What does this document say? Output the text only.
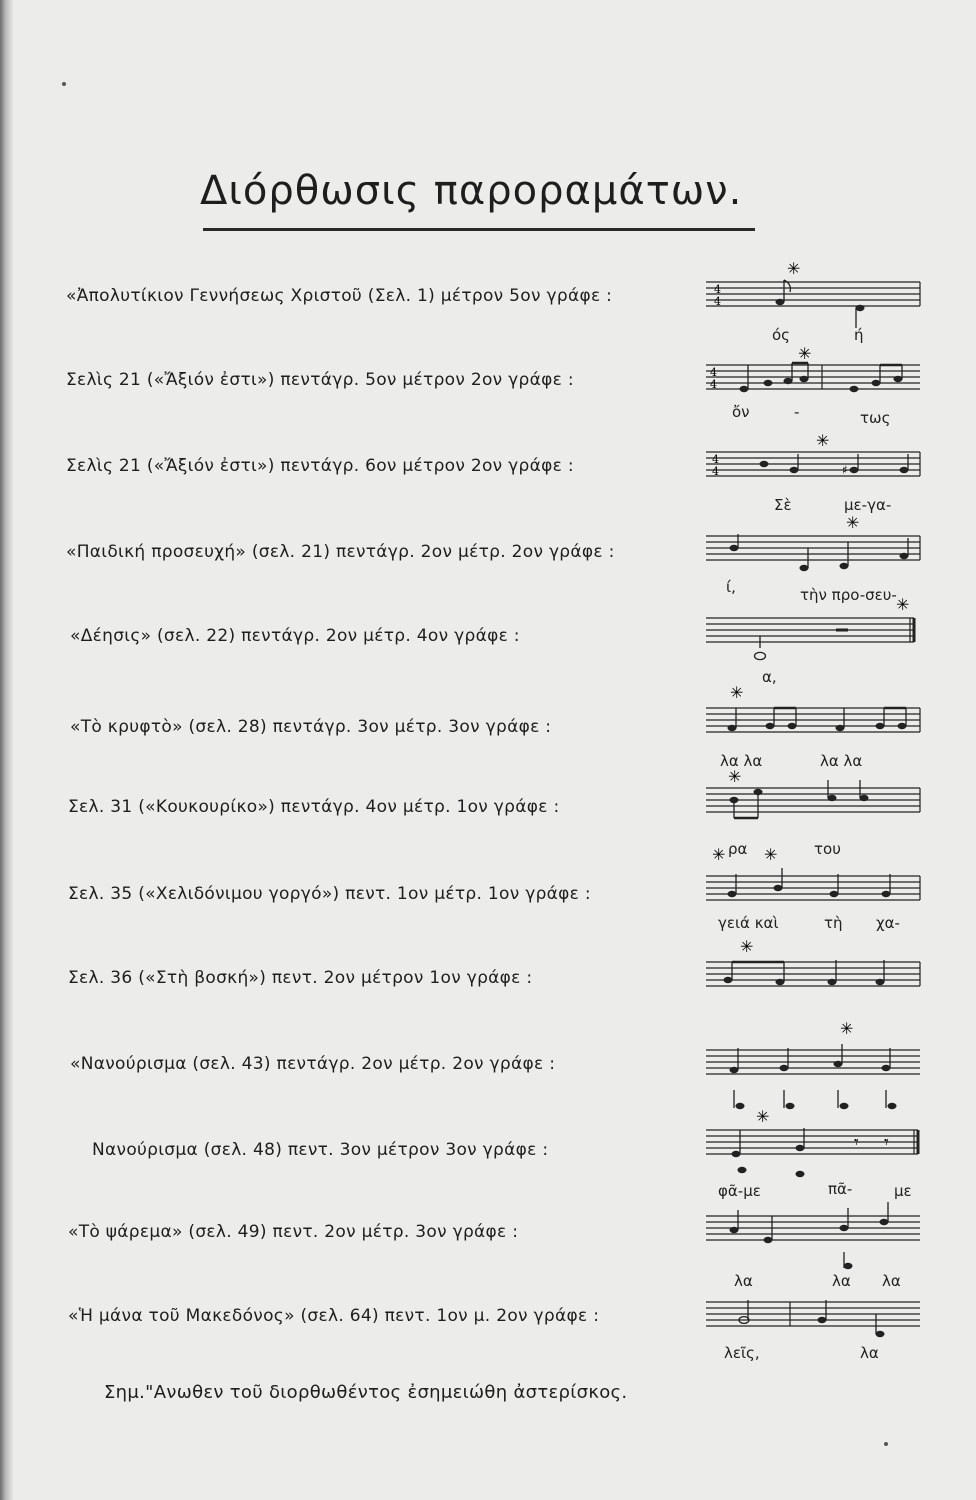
Διόρθωσις παροραμάτων.
«Ἀπολυτίκιον Γεννήσεως Χριστοῦ (Σελ. 1) μέτρον 5ον γράφε :
Σελὶς 21 («Ἄξιόν ἐστι») πεντάγρ. 5ον μέτρον 2ον γράφε :
Σελὶς 21 («Ἄξιόν ἐστι») πεντάγρ. 6ον μέτρον 2ον γράφε :
«Παιδική προσευχή» (σελ. 21) πεντάγρ. 2ον μέτρ. 2ον γράφε :
«Δέησις» (σελ. 22) πεντάγρ. 2ον μέτρ. 4ον γράφε :
«Τὸ κρυφτὸ» (σελ. 28) πεντάγρ. 3ον μέτρ. 3ον γράφε :
Σελ. 31 («Κουκουρίκο») πεντάγρ. 4ον μέτρ. 1ον γράφε :
Σελ. 35 («Χελιδόνιμου γοργό») πεντ. 1ον μέτρ. 1ον γράφε :
Σελ. 36 («Στὴ βοσκή») πεντ. 2ον μέτρον 1ον γράφε :
«Νανούρισμα (σελ. 43) πεντάγρ. 2ον μέτρ. 2ον γράφε :
Νανούρισμα (σελ. 48) πεντ. 3ον μέτρον 3ον γράφε :
«Τὸ ψάρεμα» (σελ. 49) πεντ. 2ον μέτρ. 3ον γράφε :
«Ἡ μάνα τοῦ Μακεδόνος» (σελ. 64) πεντ. 1ον μ. 2ον γράφε :
4
4
✳
ός	ή
4
4
✳
ὄν	-	τως
4
4	♯
✳
Σὲ	με-γα-
✳
ί,	τὴν πρo-σευ- ✳
α,
✳
λα λα	λα λα
✳
ρα	του
✳ ✳
γειά καὶ	τὴ χα-
✳
✳
𝄾 𝄾
✳
φᾶ-με	πᾶ-	με
λα	λα λα
λεῖς,	λα
Σημ."Ανωθεν τοῦ διορθωθέντος ἐσημειώθη ἀστερίσκος.
